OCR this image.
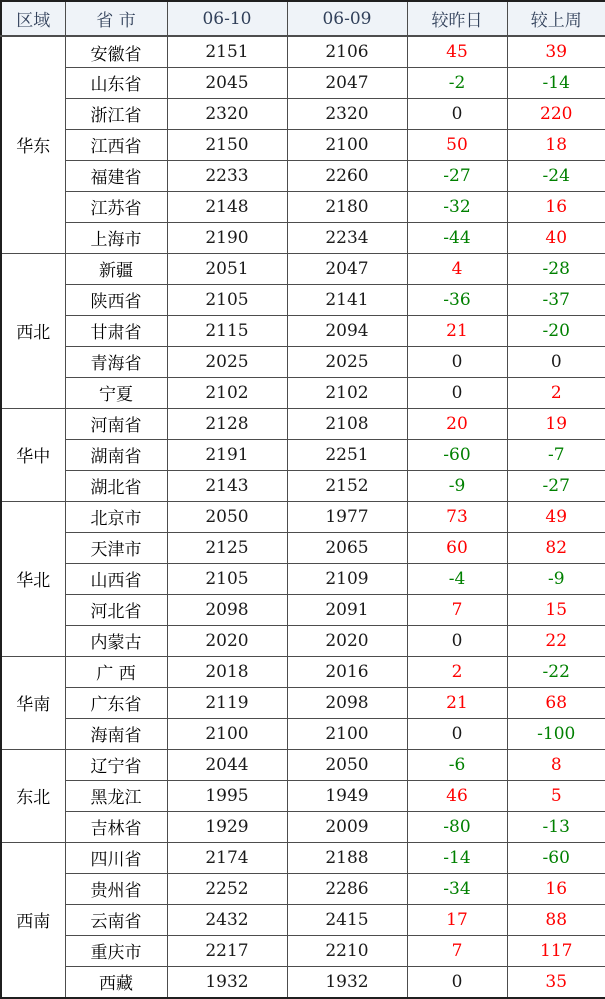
区域	省 市	06-10	06-09	较昨日	较上周
华东	安徽省	2151	2106	45	39
	山东省	2045	2047	-2	-14
	浙江省	2320	2320	0	220
	江西省	2150	2100	50	18
	福建省	2233	2260	-27	-24
	江苏省	2148	2180	-32	16
	上海市	2190	2234	-44	40
西北	新疆	2051	2047	4	-28
	陕西省	2105	2141	-36	-37
	甘肃省	2115	2094	21	-20
	青海省	2025	2025	0	0
	宁夏	2102	2102	0	2
华中	河南省	2128	2108	20	19
	湖南省	2191	2251	-60	-7
	湖北省	2143	2152	-9	-27
华北	北京市	2050	1977	73	49
	天津市	2125	2065	60	82
	山西省	2105	2109	-4	-9
	河北省	2098	2091	7	15
	内蒙古	2020	2020	0	22
华南	广 西	2018	2016	2	-22
	广东省	2119	2098	21	68
	海南省	2100	2100	0	-100
东北	辽宁省	2044	2050	-6	8
	黑龙江	1995	1949	46	5
	吉林省	1929	2009	-80	-13
西南	四川省	2174	2188	-14	-60
	贵州省	2252	2286	-34	16
	云南省	2432	2415	17	88
	重庆市	2217	2210	7	117
	西藏	1932	1932	0	35
